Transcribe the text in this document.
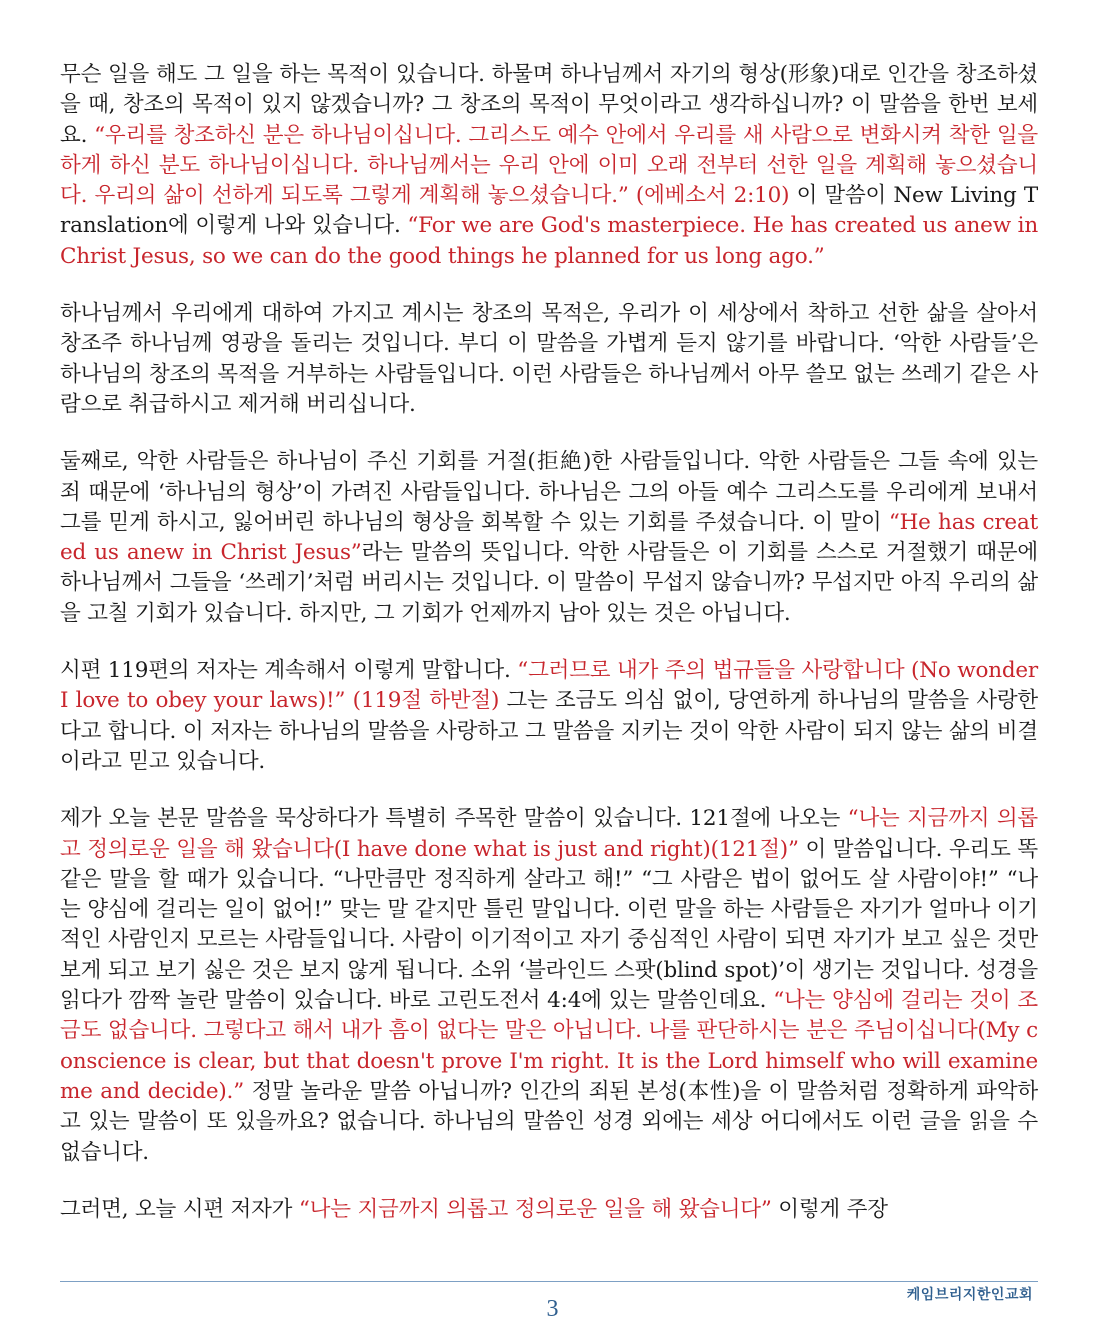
무슨 일을 해도 그 일을 하는 목적이 있습니다. 하물며 하나님께서 자기의 형상(形象)대로 인간을 창조하셨을 때, 창조의 목적이 있지 않겠습니까? 그 창조의 목적이 무엇이라고 생각하십니까? 이 말씀을 한번 보세요. “우리를 창조하신 분은 하나님이십니다. 그리스도 예수 안에서 우리를 새 사람으로 변화시켜 착한 일을 하게 하신 분도 하나님이십니다. 하나님께서는 우리 안에 이미 오래 전부터 선한 일을 계획해 놓으셨습니다. 우리의 삶이 선하게 되도록 그렇게 계획해 놓으셨습니다.” (에베소서 2:10) 이 말씀이 New Living Translation에 이렇게 나와 있습니다. “For we are God's masterpiece. He has created us anew in Christ Jesus, so we can do the good things he planned for us long ago.”

하나님께서 우리에게 대하여 가지고 계시는 창조의 목적은, 우리가 이 세상에서 착하고 선한 삶을 살아서 창조주 하나님께 영광을 돌리는 것입니다. 부디 이 말씀을 가볍게 듣지 않기를 바랍니다. ‘악한 사람들’은 하나님의 창조의 목적을 거부하는 사람들입니다. 이런 사람들은 하나님께서 아무 쓸모 없는 쓰레기 같은 사람으로 취급하시고 제거해 버리십니다.

둘째로, 악한 사람들은 하나님이 주신 기회를 거절(拒絶)한 사람들입니다. 악한 사람들은 그들 속에 있는 죄 때문에 ‘하나님의 형상’이 가려진 사람들입니다. 하나님은 그의 아들 예수 그리스도를 우리에게 보내서 그를 믿게 하시고, 잃어버린 하나님의 형상을 회복할 수 있는 기회를 주셨습니다. 이 말이 “He has created us anew in Christ Jesus”라는 말씀의 뜻입니다. 악한 사람들은 이 기회를 스스로 거절했기 때문에 하나님께서 그들을 ‘쓰레기’처럼 버리시는 것입니다. 이 말씀이 무섭지 않습니까? 무섭지만 아직 우리의 삶을 고칠 기회가 있습니다. 하지만, 그 기회가 언제까지 남아 있는 것은 아닙니다.

시편 119편의 저자는 계속해서 이렇게 말합니다. “그러므로 내가 주의 법규들을 사랑합니다 (No wonder I love to obey your laws)!” (119절 하반절) 그는 조금도 의심 없이, 당연하게 하나님의 말씀을 사랑한다고 합니다. 이 저자는 하나님의 말씀을 사랑하고 그 말씀을 지키는 것이 악한 사람이 되지 않는 삶의 비결이라고 믿고 있습니다.

제가 오늘 본문 말씀을 묵상하다가 특별히 주목한 말씀이 있습니다. 121절에 나오는 “나는 지금까지 의롭고 정의로운 일을 해 왔습니다(I have done what is just and right)(121절)” 이 말씀입니다. 우리도 똑 같은 말을 할 때가 있습니다. “나만큼만 정직하게 살라고 해!” “그 사람은 법이 없어도 살 사람이야!” “나는 양심에 걸리는 일이 없어!” 맞는 말 같지만 틀린 말입니다. 이런 말을 하는 사람들은 자기가 얼마나 이기적인 사람인지 모르는 사람들입니다. 사람이 이기적이고 자기 중심적인 사람이 되면 자기가 보고 싶은 것만 보게 되고 보기 싫은 것은 보지 않게 됩니다. 소위 ‘블라인드 스팟(blind spot)’이 생기는 것입니다. 성경을 읽다가 깜짝 놀란 말씀이 있습니다. 바로 고린도전서 4:4에 있는 말씀인데요. “나는 양심에 걸리는 것이 조금도 없습니다. 그렇다고 해서 내가 흠이 없다는 말은 아닙니다. 나를 판단하시는 분은 주님이십니다(My conscience is clear, but that doesn't prove I'm right. It is the Lord himself who will examine me and decide).” 정말 놀라운 말씀 아닙니까? 인간의 죄된 본성(本性)을 이 말씀처럼 정확하게 파악하고 있는 말씀이 또 있을까요? 없습니다. 하나님의 말씀인 성경 외에는 세상 어디에서도 이런 글을 읽을 수 없습니다.

그러면, 오늘 시편 저자가 “나는 지금까지 의롭고 정의로운 일을 해 왔습니다” 이렇게 주장

케임브리지한인교회
3
